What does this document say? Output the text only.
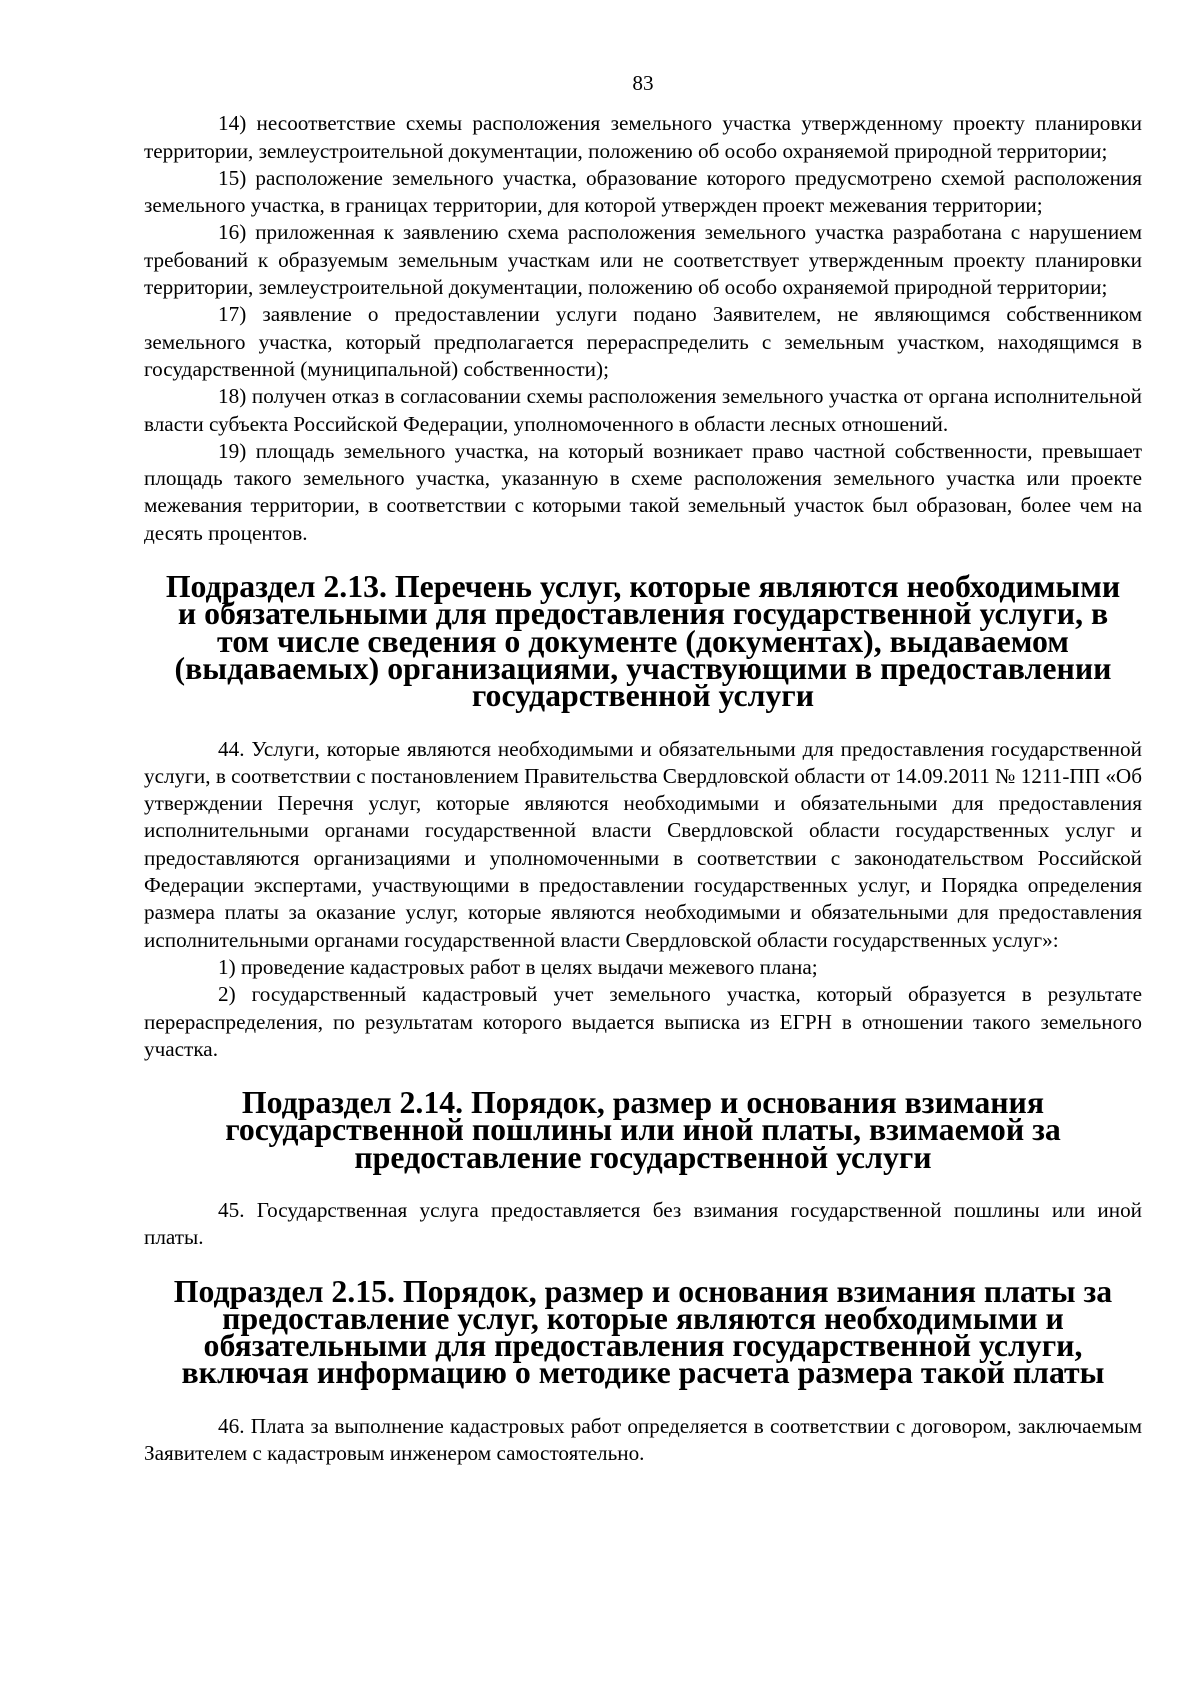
83

14) несоответствие схемы расположения земельного участка утвержденному проекту планировки территории, землеустроительной документации, положению об особо охраняемой природной территории;

15) расположение земельного участка, образование которого предусмотрено схемой расположения земельного участка, в границах территории, для которой утвержден проект межевания территории;

16) приложенная к заявлению схема расположения земельного участка разработана с нарушением требований к образуемым земельным участкам или не соответствует утвержденным проекту планировки территории, землеустроительной документации, положению об особо охраняемой природной территории;

17) заявление о предоставлении услуги подано Заявителем, не являющимся собственником земельного участка, который предполагается перераспределить с земельным участком, находящимся в государственной (муниципальной) собственности);

18) получен отказ в согласовании схемы расположения земельного участка от органа исполнительной власти субъекта Российской Федерации, уполномоченного в области лесных отношений.

19) площадь земельного участка, на который возникает право частной собственности, превышает площадь такого земельного участка, указанную в схеме расположения земельного участка или проекте межевания территории, в соответствии с которыми такой земельный участок был образован, более чем на десять процентов.

Подраздел 2.13. Перечень услуг, которые являются необходимыми и обязательными для предоставления государственной услуги, в том числе сведения о документе (документах), выдаваемом (выдаваемых) организациями, участвующими в предоставлении государственной услуги

44. Услуги, которые являются необходимыми и обязательными для предоставления государственной услуги, в соответствии с постановлением Правительства Свердловской области от 14.09.2011 № 1211-ПП «Об утверждении Перечня услуг, которые являются необходимыми и обязательными для предоставления исполнительными органами государственной власти Свердловской области государственных услуг и предоставляются организациями и уполномоченными в соответствии с законодательством Российской Федерации экспертами, участвующими в предоставлении государственных услуг, и Порядка определения размера платы за оказание услуг, которые являются необходимыми и обязательными для предоставления исполнительными органами государственной власти Свердловской области государственных услуг»:

1) проведение кадастровых работ в целях выдачи межевого плана;

2) государственный кадастровый учет земельного участка, который образуется в результате перераспределения, по результатам которого выдается выписка из ЕГРН в отношении такого земельного участка.

Подраздел 2.14. Порядок, размер и основания взимания государственной пошлины или иной платы, взимаемой за предоставление государственной услуги

45. Государственная услуга предоставляется без взимания государственной пошлины или иной платы.

Подраздел 2.15. Порядок, размер и основания взимания платы за предоставление услуг, которые являются необходимыми и обязательными для предоставления государственной услуги, включая информацию о методике расчета размера такой платы

46. Плата за выполнение кадастровых работ определяется в соответствии с договором, заключаемым Заявителем с кадастровым инженером самостоятельно.
